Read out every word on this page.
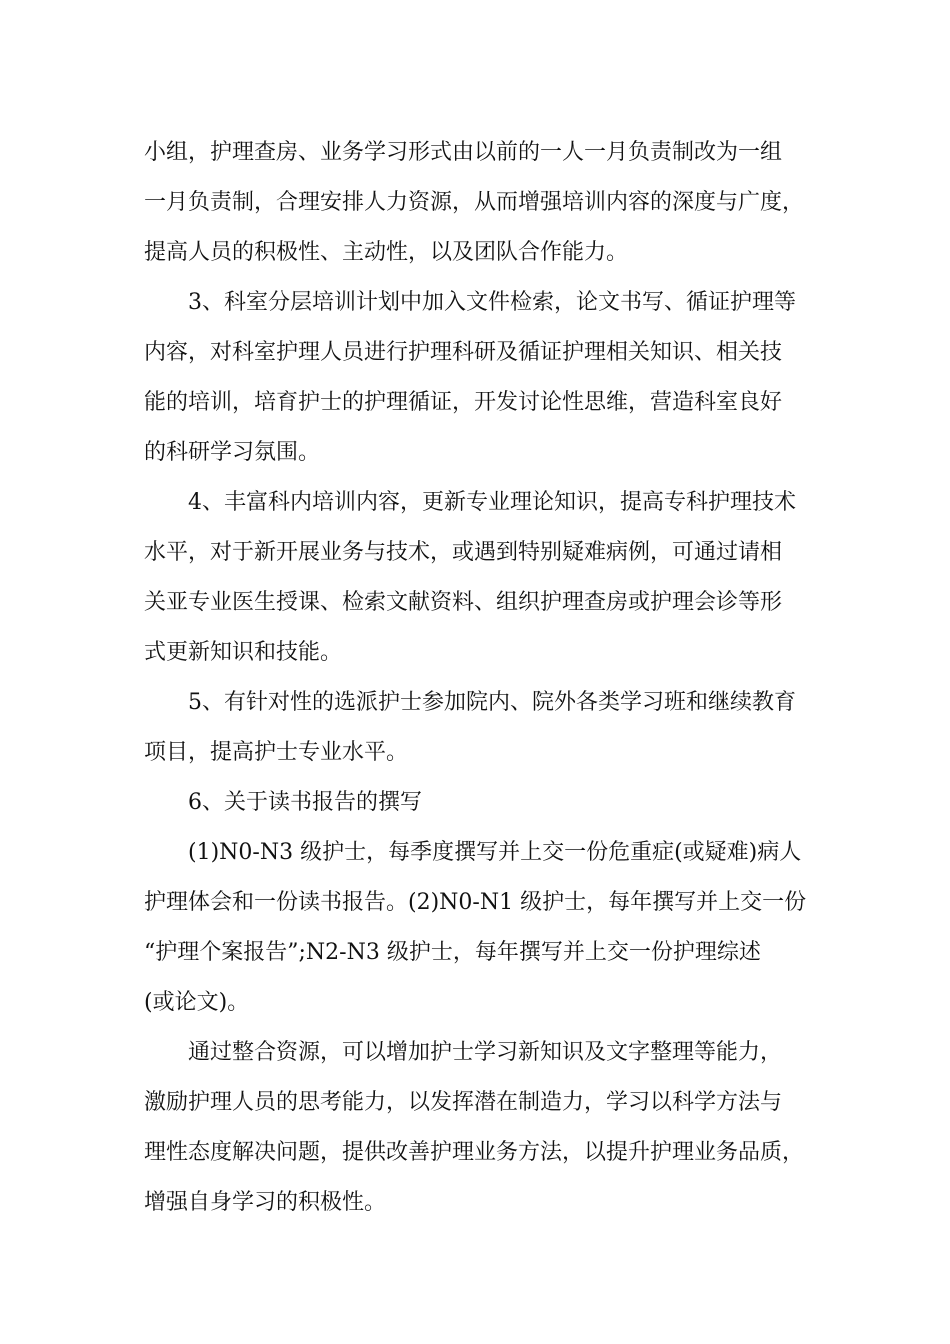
小组，护理查房、业务学习形式由以前的一人一月负责制改为一组
一月负责制，合理安排人力资源，从而增强培训内容的深度与广度，
提高人员的积极性、主动性，以及团队合作能力。
3、科室分层培训计划中加入文件检索，论文书写、循证护理等
内容，对科室护理人员进行护理科研及循证护理相关知识、相关技
能的培训，培育护士的护理循证，开发讨论性思维，营造科室良好
的科研学习氛围。
4、丰富科内培训内容，更新专业理论知识，提高专科护理技术
水平，对于新开展业务与技术，或遇到特别疑难病例，可通过请相
关亚专业医生授课、检索文献资料、组织护理查房或护理会诊等形
式更新知识和技能。
5、有针对性的选派护士参加院内、院外各类学习班和继续教育
项目，提高护士专业水平。
6、关于读书报告的撰写
(1)N0-N3 级护士，每季度撰写并上交一份危重症(或疑难)病人
护理体会和一份读书报告。(2)N0-N1 级护士，每年撰写并上交一份
“护理个案报告”;N2-N3 级护士，每年撰写并上交一份护理综述
(或论文)。
通过整合资源，可以增加护士学习新知识及文字整理等能力，
激励护理人员的思考能力，以发挥潜在制造力，学习以科学方法与
理性态度解决问题，提供改善护理业务方法，以提升护理业务品质，
增强自身学习的积极性。
